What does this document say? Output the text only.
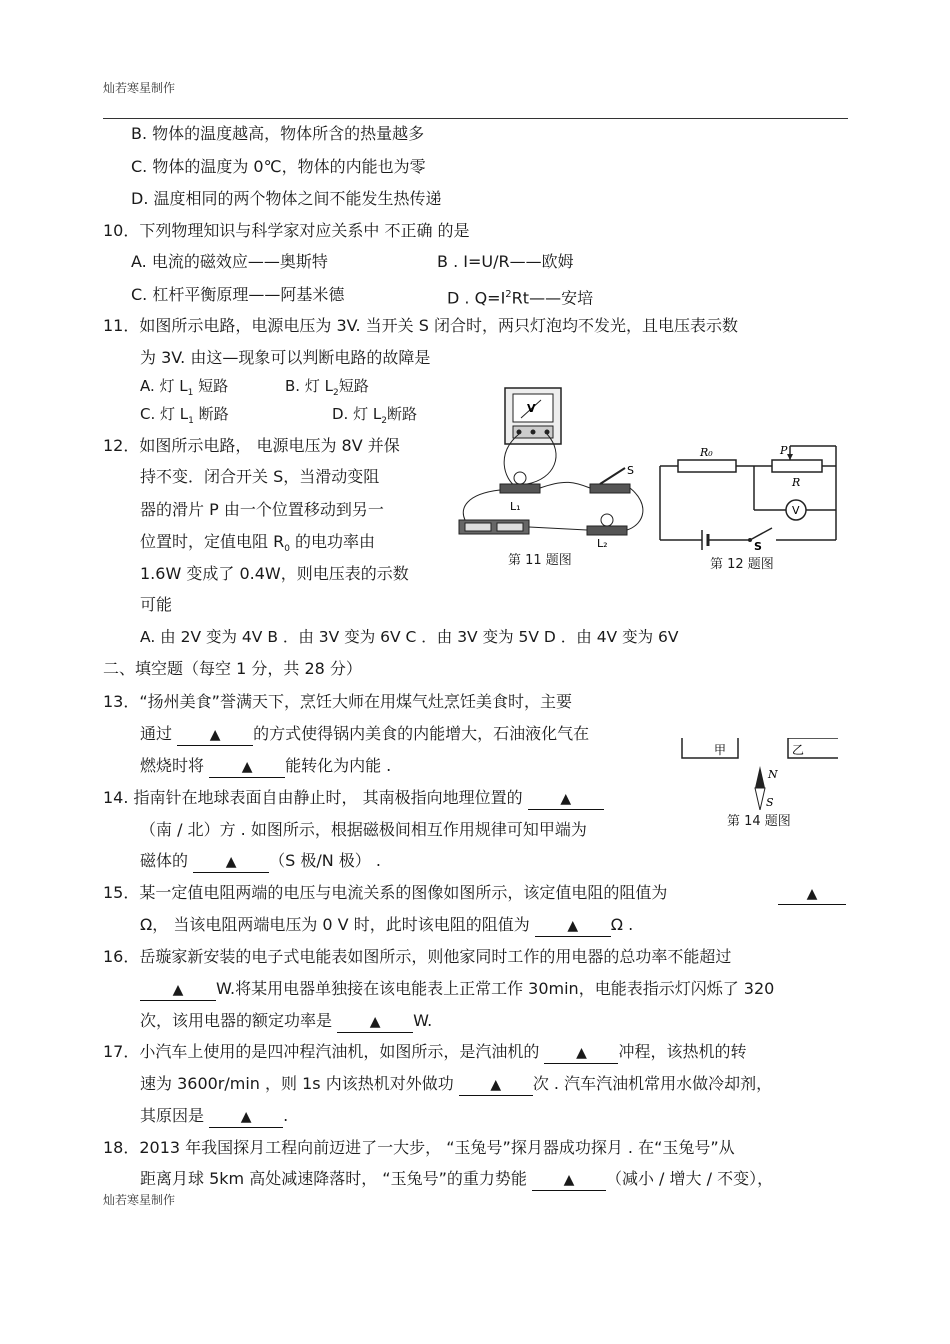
灿若寒星制作
B. 物体的温度越高，物体所含的热量越多
C. 物体的温度为 0℃，物体的内能也为零
D. 温度相同的两个物体之间不能发生热传递
10．下列物理知识与科学家对应关系中 不正确 的是
A. 电流的磁效应——奥斯特	B . I=U/R——欧姆
C. 杠杆平衡原理——阿基米德	D . $Q=I^2Rt——$安培
11．如图所示电路，电源电压为 3V. 当开关 S 闭合时，两只灯泡均不发光，且电压表示数
为 3V. 由这—现象可以判断电路的故障是
A. 灯 $L_1$ 短路	B. 灯 $L_2$短路
C. 灯 $L_1$ 断路	D. 灯 $L_2$断路
12．如图所示电路， 电源电压为 8V 并保
持不变．闭合开关 S，当滑动变阻
器的滑片 P 由一个位置移动到另一
位置时，定值电阻 $R_0$ 的电功率由
1.6W 变成了 0.4W，则电压表的示数
可能
A. 由 2V 变为 4V B ．由 3V 变为 6V C ．由 3V 变为 5V D ．由 4V 变为 6V
V
L₁
S
L₂
第 11 题图
R₀	P
R
V
S
第 12 题图
二、填空题（每空 1 分，共 28 分）
13．“扬州美食”誉满天下，烹饪大师在用煤气灶烹饪美食时，主要
通过 ▲ 的方式使得锅内美食的内能增大，石油液化气在
燃烧时将 ▲ 能转化为内能 .
甲	乙
N
S
第 14 题图
14. 指南针在地球表面自由静止时， 其南极指向地理位置的 ▲
（南 / 北）方 . 如图所示，根据磁极间相互作用规律可知甲端为
磁体的 ▲ （S 极/N 极） .
15．某一定值电阻两端的电压与电流关系的图像如图所示，该定值电阻的阻值为	▲
Ω， 当该电阻两端电压为 0 V 时，此时该电阻的阻值为 ▲ Ω .
16．岳璇家新安装的电子式电能表如图所示，则他家同时工作的用电器的总功率不能超过
▲ W.将某用电器单独接在该电能表上正常工作 30min，电能表指示灯闪烁了 320
次，该用电器的额定功率是 ▲ W.
17．小汽车上使用的是四冲程汽油机，如图所示，是汽油机的 ▲ 冲程，该热机的转
速为 3600r/min ，则 1s 内该热机对外做功 ▲ 次 . 汽车汽油机常用水做冷却剂，
其原因是 ▲ .
18．2013 年我国探月工程向前迈进了一大步， “玉兔号”探月器成功探月 . 在“玉兔号”从
距离月球 5km 高处减速降落时， “玉兔号”的重力势能 ▲ （减小 / 增大 / 不变），
灿若寒星制作
